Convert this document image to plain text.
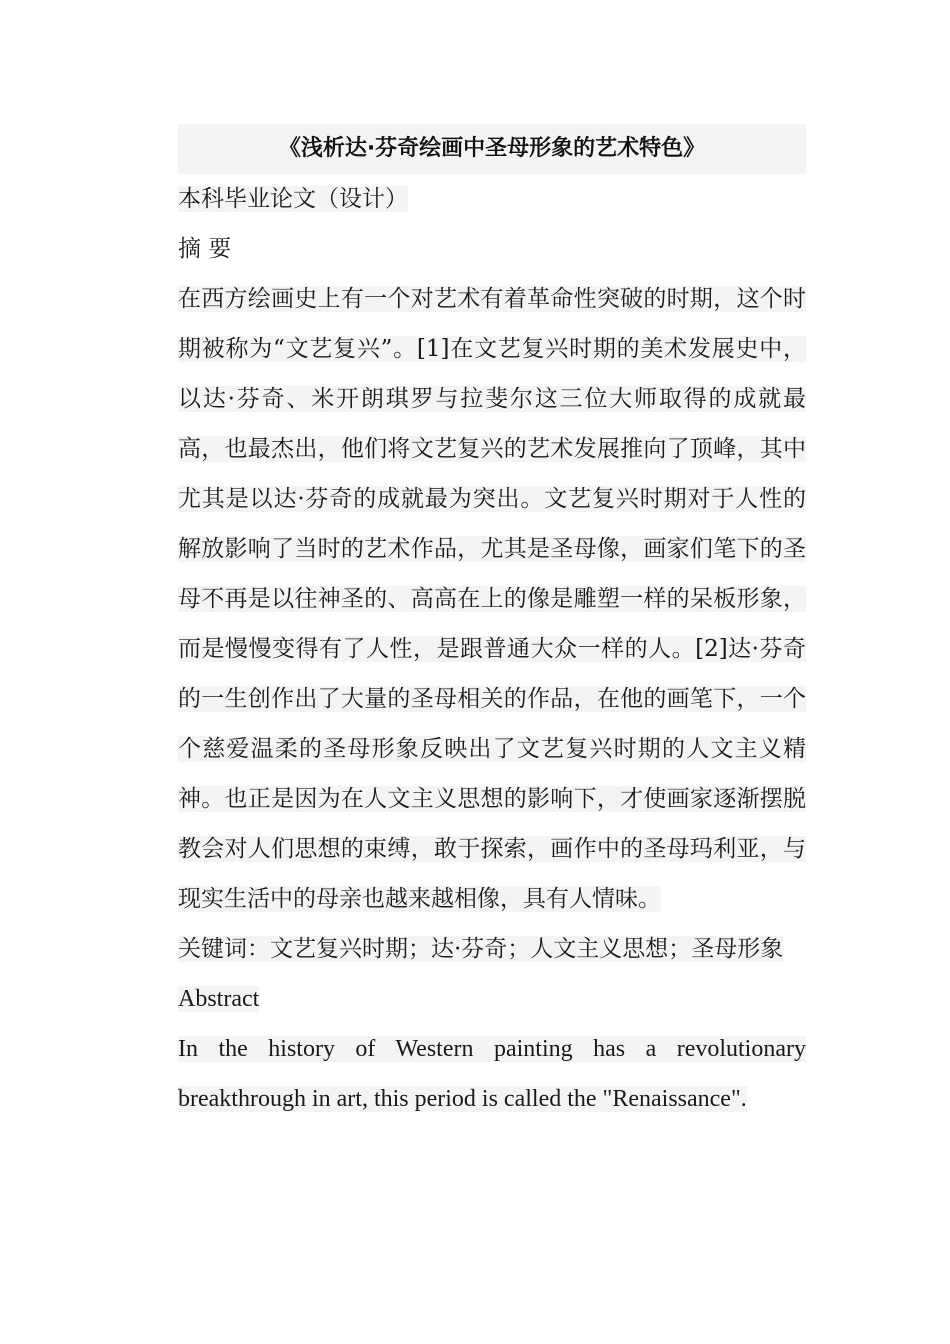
《浅析达·芬奇绘画中圣母形象的艺术特色》
本科毕业论文（设计）
摘 要
在西方绘画史上有一个对艺术有着革命性突破的时期，这个时期被称为“文艺复兴”。[1]在文艺复兴时期的美术发展史中，以达·芬奇、米开朗琪罗与拉斐尔这三位大师取得的成就最高，也最杰出，他们将文艺复兴的艺术发展推向了顶峰，其中尤其是以达·芬奇的成就最为突出。文艺复兴时期对于人性的解放影响了当时的艺术作品，尤其是圣母像，画家们笔下的圣母不再是以往神圣的、高高在上的像是雕塑一样的呆板形象，而是慢慢变得有了人性，是跟普通大众一样的人。[2]达·芬奇的一生创作出了大量的圣母相关的作品，在他的画笔下，一个个慈爱温柔的圣母形象反映出了文艺复兴时期的人文主义精神。也正是因为在人文主义思想的影响下，才使画家逐渐摆脱教会对人们思想的束缚，敢于探索，画作中的圣母玛利亚，与现实生活中的母亲也越来越相像，具有人情味。
关键词：文艺复兴时期；达·芬奇；人文主义思想；圣母形象
Abstract
In the history of Western painting has a revolutionary breakthrough in art, this period is called the "Renaissance".
